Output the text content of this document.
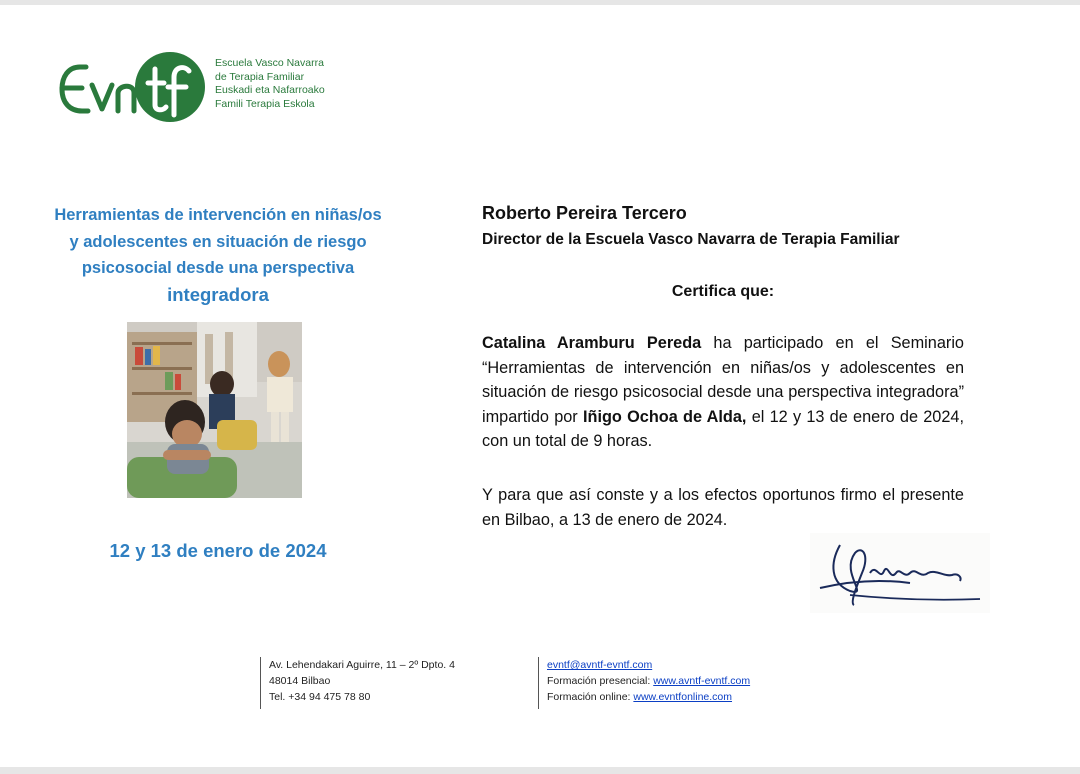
Escuela Vasco Navarra
de Terapia Familiar
Euskadi eta Nafarroako
Famili Terapia Eskola
Herramientas de intervención en niñas/os y adolescentes en situación de riesgo psicosocial desde una perspectiva integradora
12 y 13 de enero de 2024
Roberto Pereira Tercero
Director de la Escuela Vasco Navarra de Terapia Familiar
Certifica que:
Catalina Aramburu Pereda ha participado en el Seminario “Herramientas de intervención en niñas/os y adolescentes en situación de riesgo psicosocial desde una perspectiva integradora” impartido por Iñigo Ochoa de Alda, el 12 y 13 de enero de 2024, con un total de 9 horas.
Y para que así conste y a los efectos oportunos firmo el presente en Bilbao, a 13 de enero de 2024.
Av. Lehendakari Aguirre, 11 – 2º Dpto. 4
48014 Bilbao
Tel. +34 94 475 78 80
evntf@avntf-evntf.com
Formación presencial: www.avntf-evntf.com
Formación online: www.evntfonline.com
